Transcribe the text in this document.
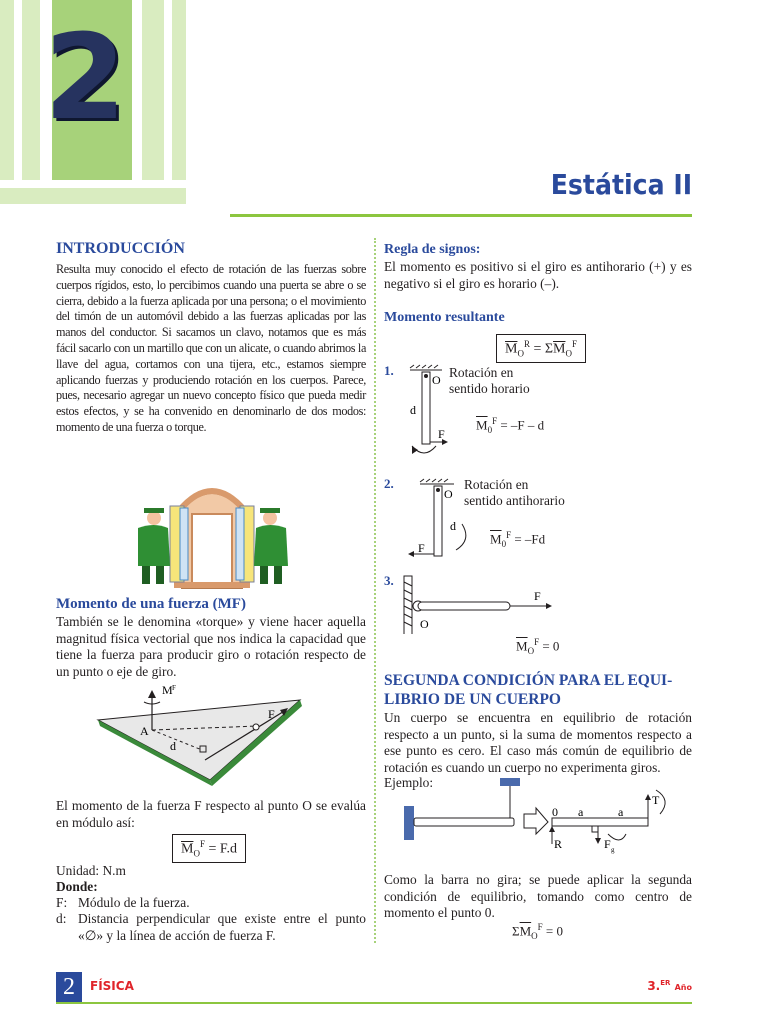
2
Estática II
INTRODUCCIÓN
Resulta muy conocido el efecto de rotación de las fuerzas sobre cuerpos rígidos, esto, lo percibimos cuando una puerta se abre o se cierra, debido a la fuerza aplicada por una persona; o el movimiento del timón de un automóvil debido a las fuerzas aplicadas por las manos del conductor. Si sacamos un clavo, notamos que es más fácil sacarlo con un martillo que con un alicate, o cuando abrimos la llave del agua, cortamos con una tijera, etc., estamos siempre aplicando fuerzas y produciendo rotación en los cuerpos. Parece, pues, necesario agregar un nuevo concepto físico que pueda medir estos efectos, y se ha convenido en denominarlo de dos modos: momento de una fuerza o torque.
Momento de una fuerza (MF)
También se le denomina «torque» y viene hacer aquella magnitud física vectorial que nos indica la capacidad que tiene la fuerza para producir giro o rotación respecto de un punto o eje de giro.
M F
F
A
d
El momento de la fuerza F respecto al punto O se evalúa en módulo así:
$\overline{M}_O^F = F.d$
Unidad: N.m
Donde:
F: Módulo de la fuerza.
d: Distancia perpendicular que existe entre el punto «∅» y la línea de acción de fuerza F.
Regla de signos:
El momento es positivo si el giro es antihorario (+) y es negativo si el giro es horario (–).
Momento resultante
$\overline{M}_O^R = \Sigma\overline{M}_O^F$
1.
O
d
F
Rotación en
sentido horario
$\overline{M}_0^F = -F - d$
2.
O
d
F
Rotación en
sentido antihorario
$\overline{M}_0^F = -Fd$
3.
F
O
$\overline{M}_O^F = 0$
SEGUNDA CONDICIÓN PARA EL EQUI-
LIBRIO DE UN CUERPO
Un cuerpo se encuentra en equilibrio de rotación respecto a un punto, si la suma de momentos respecto a ese punto es cero. El caso más común de equilibrio de rotación es cuando un cuerpo no experimenta giros.
Ejemplo:
0 a	a
T
R	F g
Como la barra no gira; se puede aplicar la segunda condición de equilibrio, tomando como centro de momento el punto 0.
$\Sigma\overline{M}_O^F = 0$
2	FÍSICA	3.$^{ER}$ Año
